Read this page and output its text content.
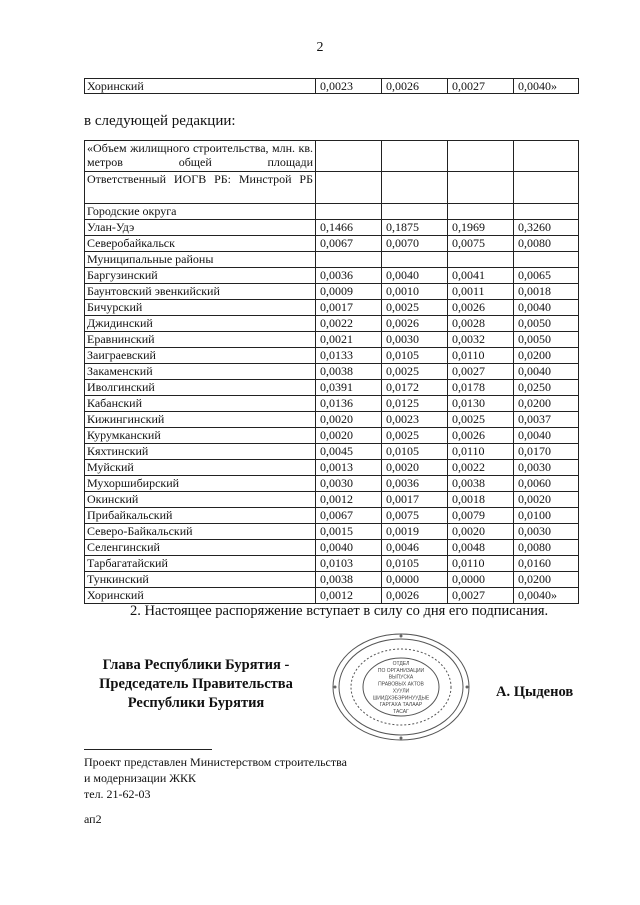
2
Хоринский	0,0023	0,0026	0,0027	0,0040»
в следующей редакции:
«Объем жилищного строительства, млн. кв. метров общей площади				
Ответственный ИОГВ РБ: Минстрой РБ				
Городские округа				
Улан-Удэ	0,1466	0,1875	0,1969	0,3260
Северобайкальск	0,0067	0,0070	0,0075	0,0080
Муниципальные районы				
Баргузинский	0,0036	0,0040	0,0041	0,0065
Баунтовский эвенкийский	0,0009	0,0010	0,0011	0,0018
Бичурский	0,0017	0,0025	0,0026	0,0040
Джидинский	0,0022	0,0026	0,0028	0,0050
Еравнинский	0,0021	0,0030	0,0032	0,0050
Заиграевский	0,0133	0,0105	0,0110	0,0200
Закаменский	0,0038	0,0025	0,0027	0,0040
Иволгинский	0,0391	0,0172	0,0178	0,0250
Кабанский	0,0136	0,0125	0,0130	0,0200
Кижингинский	0,0020	0,0023	0,0025	0,0037
Курумканский	0,0020	0,0025	0,0026	0,0040
Кяхтинский	0,0045	0,0105	0,0110	0,0170
Муйский	0,0013	0,0020	0,0022	0,0030
Мухоршибирский	0,0030	0,0036	0,0038	0,0060
Окинский	0,0012	0,0017	0,0018	0,0020
Прибайкальский	0,0067	0,0075	0,0079	0,0100
Северо-Байкальский	0,0015	0,0019	0,0020	0,0030
Селенгинский	0,0040	0,0046	0,0048	0,0080
Тарбагатайский	0,0103	0,0105	0,0110	0,0160
Тункинский	0,0038	0,0000	0,0000	0,0200
Хоринский	0,0012	0,0026	0,0027	0,0040»
2. Настоящее распоряжение вступает в силу со дня его подписания.
Глава Республики Бурятия -
Председатель Правительства
Республики Бурятия
ОТДЕЛ
ПО ОРГАНИЗАЦИИ
ВЫПУСКА
ПРАВОВЫХ АКТОВ
ХУУЛИ
ШИИДХЭБЭРИНУУДЫЕ
ГАРГАХА ТАЛААР
ТАСАГ
А. Цыденов
Проект представлен Министерством строительства
и модернизации ЖКК
тел. 21-62-03
ап2
